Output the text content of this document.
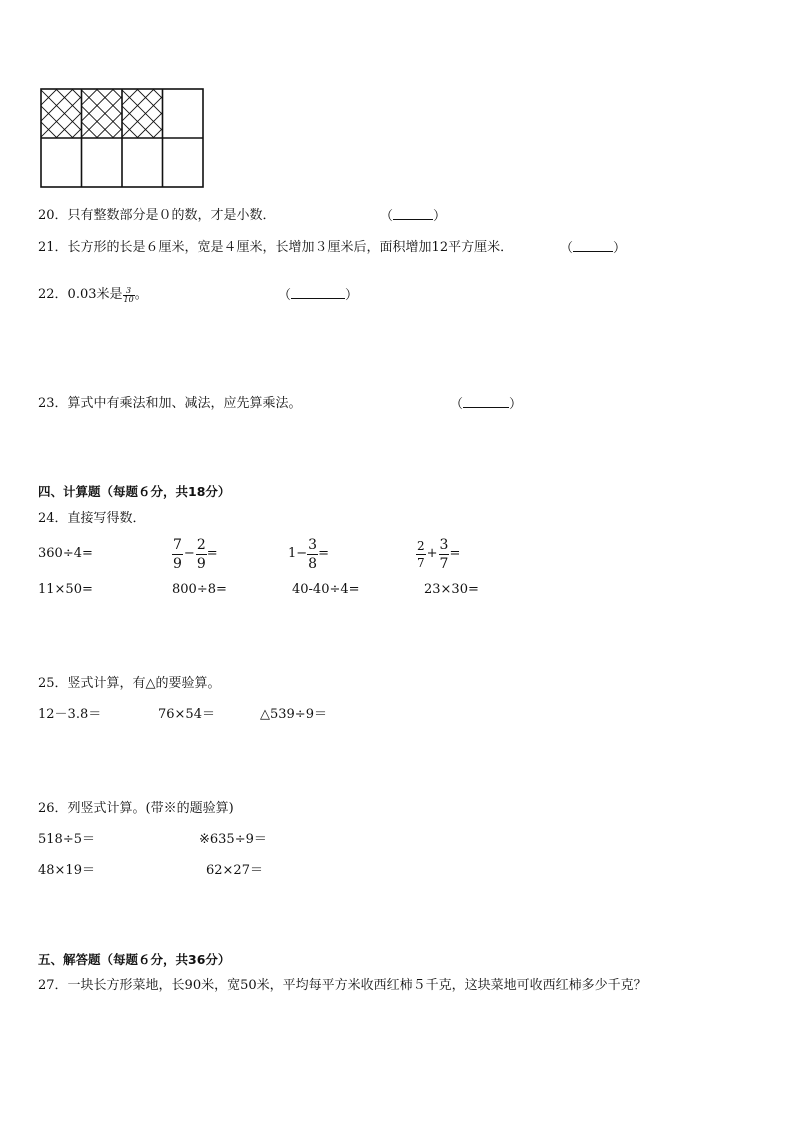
20．只有整数部分是０的数，才是小数．	（	）
21．长方形的长是６厘米，宽是４厘米，长增加３厘米后，面积增加12平方厘米．	（	）
22．0.03米是 $\frac{3}{10}$ 。	（	）
23．算式中有乘法和加、减法，应先算乘法。	（	）
四、计算题（每题６分，共18分）
24．直接写得数．
360÷4=	$\frac{7}{9} - \frac{2}{9}$ =	$1- \frac{3}{8}$ =	$\frac{2}{7} + \frac{3}{7}$ =
11×50=	800÷8=	40-40÷4=	23×30=
25．竖式计算，有△的要验算。
12－3.8＝	76×54＝	△539÷9＝
26．列竖式计算。(带※的题验算)
518÷5＝	※635÷9＝
48×19＝	62×27＝
五、解答题（每题６分，共36分）
27．一块长方形菜地，长90米，宽50米，平均每平方米收西红柿５千克，这块菜地可收西红柿多少千克？
